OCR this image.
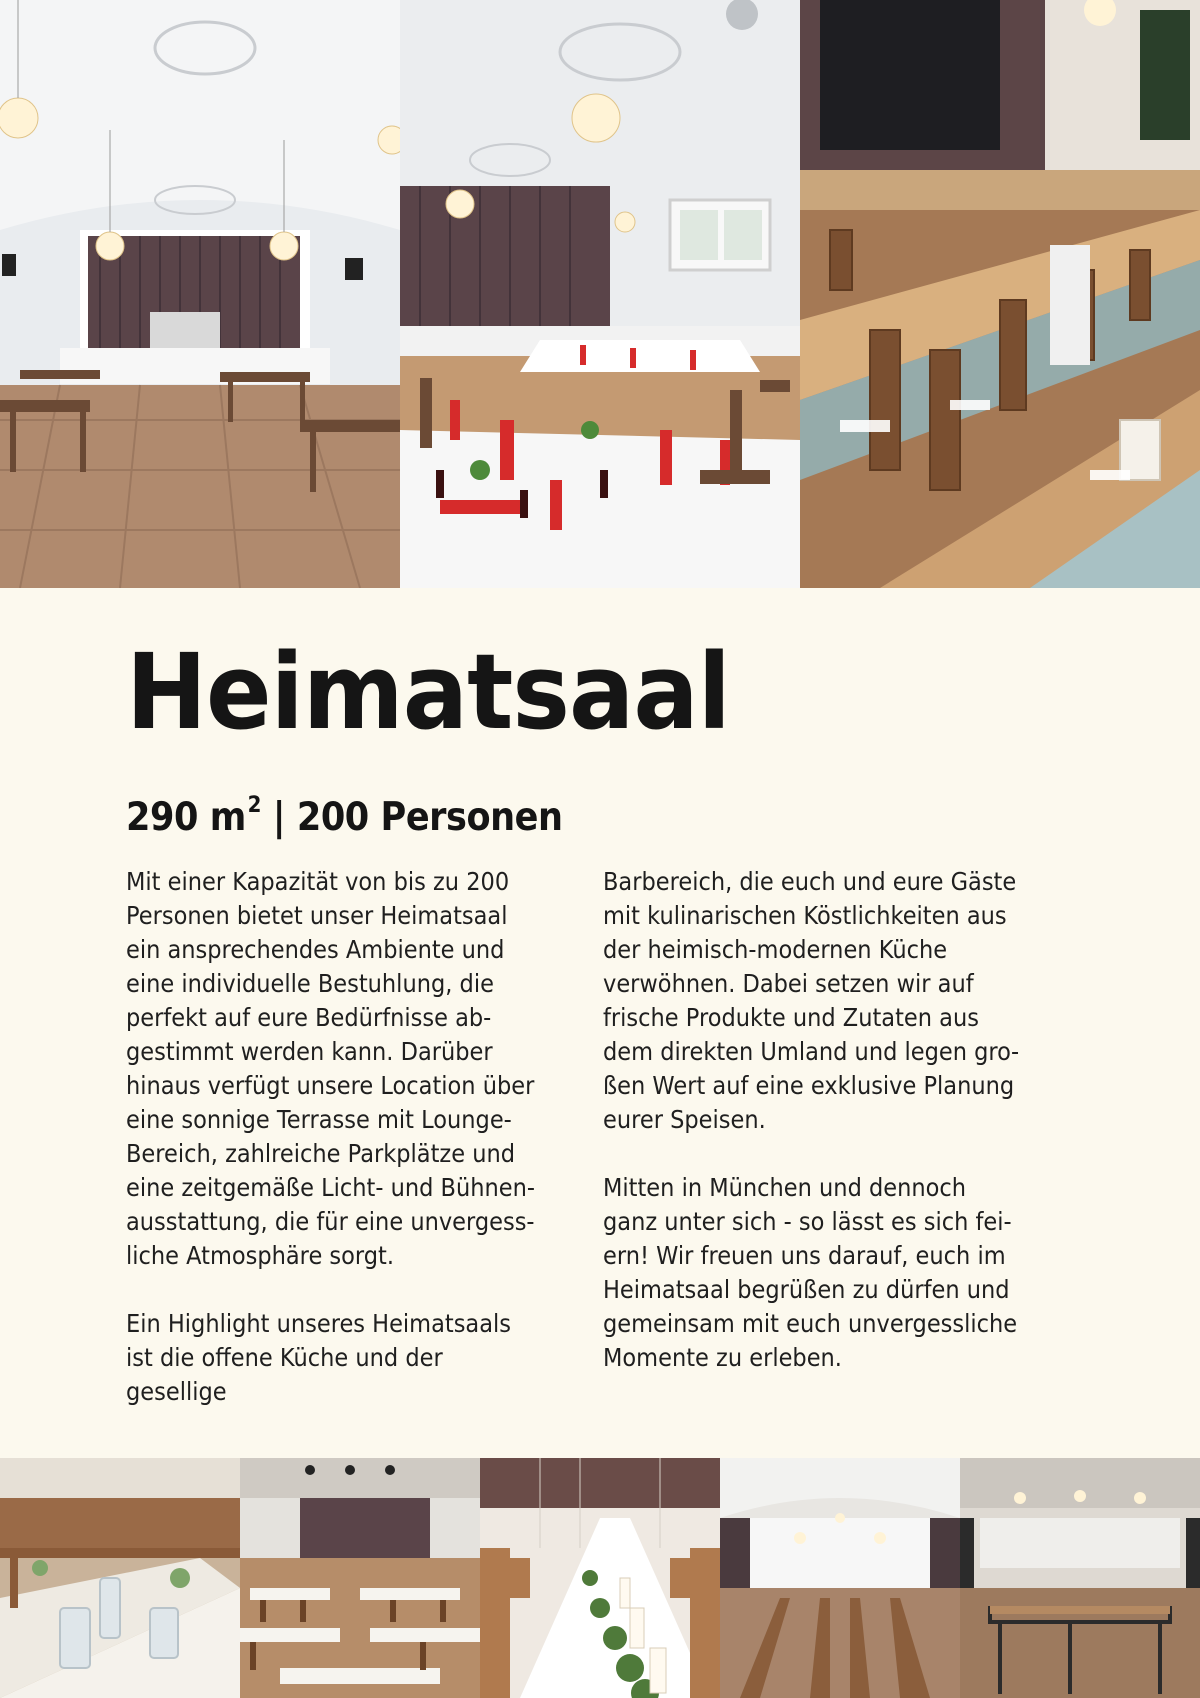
Heimatsaal
290 $m^2$ | 200 Personen

Mit einer Kapazität von bis zu 200 Personen bietet unser Heimatsaal ein ansprechendes Ambiente und eine individuelle Bestuhlung, die perfekt auf eure Bedürfnisse abgestimmt werden kann. Darüber hinaus verfügt unsere Location über eine sonnige Terrasse mit Lounge-Bereich, zahlreiche Parkplätze und eine zeitgemäße Licht- und Bühnenausstattung, die für eine unvergessliche Atmosphäre sorgt.

Ein Highlight unseres Heimatsaals ist die offene Küche und der gesellige

Barbereich, die euch und eure Gäste mit kulinarischen Köstlichkeiten aus der heimisch-modernen Küche verwöhnen. Dabei setzen wir auf frische Produkte und Zutaten aus dem direkten Umland und legen großen Wert auf eine exklusive Planung eurer Speisen.

Mitten in München und dennoch ganz unter sich - so lässt es sich feiern! Wir freuen uns darauf, euch im Heimatsaal begrüßen zu dürfen und gemeinsam mit euch unvergessliche Momente zu erleben.
